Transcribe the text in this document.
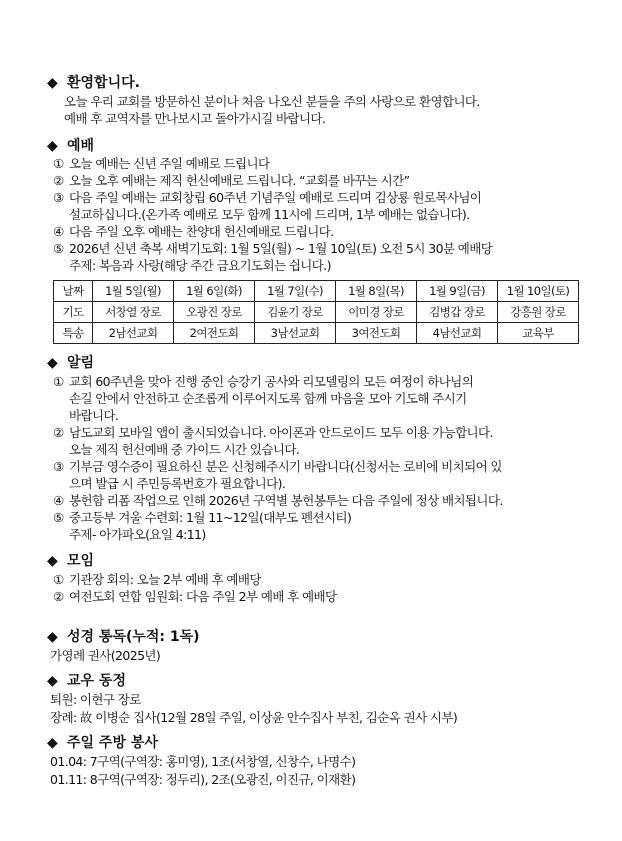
◆ 환영합니다.
오늘 우리 교회를 방문하신 분이나 처음 나오신 분들을 주의 사랑으로 환영합니다.
예배 후 교역자를 만나보시고 돌아가시길 바랍니다.
◆ 예배
① 오늘 예배는 신년 주일 예배로 드립니다
② 오늘 오후 예배는 제직 헌신예배로 드립니다. “교회를 바꾸는 시간”
③ 다음 주일 예배는 교회창립 60주년 기념주일 예배로 드리며 김상룡 원로목사님이
설교하십니다.(온가족 예배로 모두 함께 11시에 드리며, 1부 예배는 없습니다).
④ 다음 주일 오후 예배는 찬양대 헌신예배로 드립니다.
⑤ 2026년 신년 축복 새벽기도회: 1월 5일(월) ~ 1월 10일(토) 오전 5시 30분 예배당
주제: 복음과 사랑(해당 주간 금요기도회는 쉽니다.)
날짜	1월 5일(월)	1월 6일(화)	1월 7일(수)	1월 8일(목)	1월 9일(금)	1월 10일(토)
기도	서창열 장로	오광진 장로	김윤기 장로	이미경 장로	김병갑 장로	강흥원 장로
특송	2남선교회	2여전도회	3남선교회	3여전도회	4남선교회	교육부
◆ 알림
① 교회 60주년을 맞아 진행 중인 승강기 공사와 리모델링의 모든 여정이 하나님의
손길 안에서 안전하고 순조롭게 이루어지도록 함께 마음을 모아 기도해 주시기
바랍니다.
② 남도교회 모바일 앱이 출시되었습니다. 아이폰과 안드로이드 모두 이용 가능합니다.
오늘 제직 헌신예배 중 가이드 시간 있습니다.
③ 기부금 영수증이 필요하신 분은 신청해주시기 바랍니다(신청서는 로비에 비치되어 있
으며 발급 시 주민등록번호가 필요합니다).
④ 봉헌함 리폼 작업으로 인해 2026년 구역별 봉헌봉투는 다음 주일에 정상 배치됩니다.
⑤ 중고등부 겨울 수련회: 1월 11~12일(대부도 펜션시티)
주제- 아가파오(요일 4:11)
◆ 모임
① 기관장 회의: 오늘 2부 예배 후 예배당
② 여전도회 연합 임원회: 다음 주일 2부 예배 후 예배당
◆ 성경 통독(누적: 1독)
가영례 권사(2025년)
◆ 교우 동정
퇴원: 이현구 장로
장례: 故 이병순 집사(12월 28일 주일, 이상윤 안수집사 부친, 김순옥 권사 시부)
◆ 주일 주방 봉사
01.04: 7구역(구역장: 홍미영), 1조(서창열, 신창수, 나명수)
01.11: 8구역(구역장: 정두리), 2조(오광진, 이진규, 이재환)
